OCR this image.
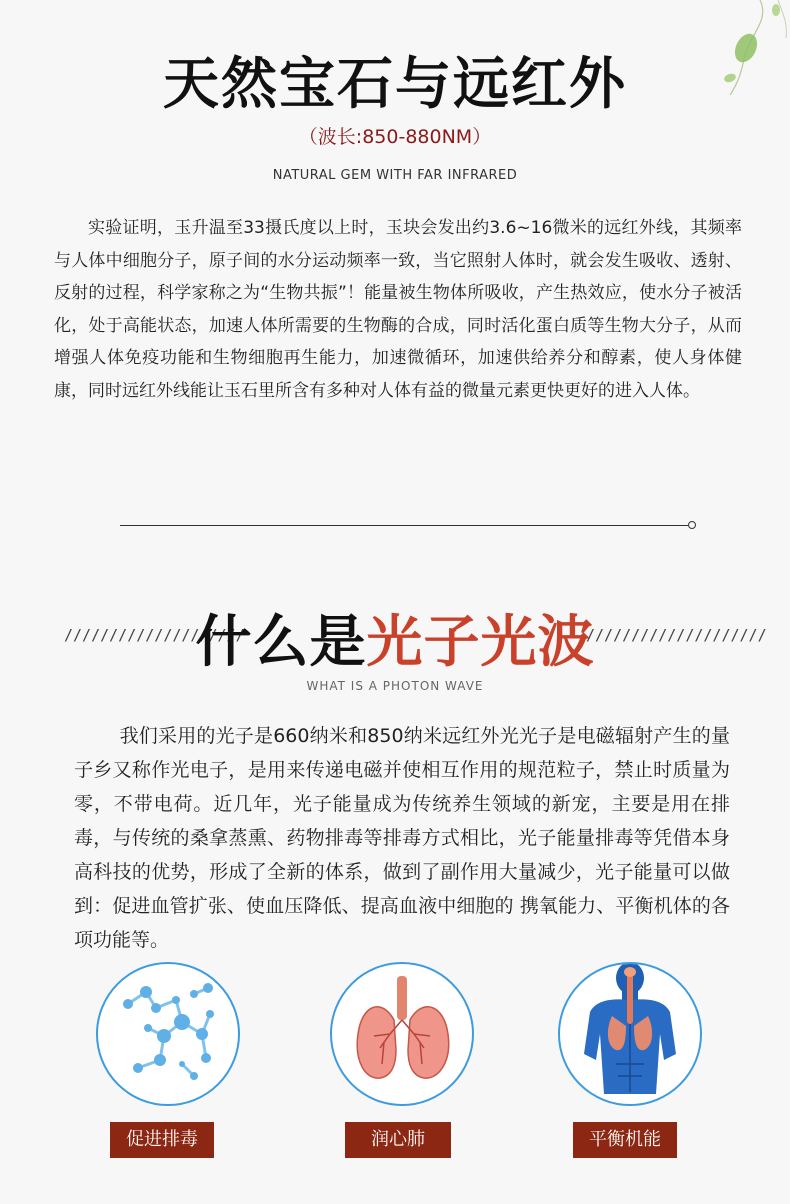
天然宝石与远红外
（波长:850-880NM）
NATURAL GEM WITH FAR INFRARED
实验证明，玉升温至33摄氏度以上时，玉块会发出约3.6~16微米的远红外线，其频率与人体中细胞分子，原子间的水分运动频率一致，当它照射人体时，就会发生吸收、透射、反射的过程，科学家称之为“生物共振”！能量被生物体所吸收，产生热效应，使水分子被活化，处于高能状态，加速人体所需要的生物酶的合成，同时活化蛋白质等生物大分子，从而增强人体免疫功能和生物细胞再生能力，加速微循环，加速供给养分和醇素，使人身体健康，同时远红外线能让玉石里所含有多种对人体有益的微量元素更快更好的进入人体。
////////////////////	////////////////////
什么是光子光波
WHAT IS A PHOTON WAVE
我们采用的光子是660纳米和850纳米远红外光光子是电磁辐射产生的量子乡又称作光电子，是用来传递电磁并使相互作用的规范粒子，禁止时质量为零，不带电荷。近几年，光子能量成为传统养生领域的新宠，主要是用在排毒，与传统的桑拿蒸熏、药物排毒等排毒方式相比，光子能量排毒等凭借本身高科技的优势，形成了全新的体系，做到了副作用大量减少，光子能量可以做到：促进血管扩张、使血压降低、提高血液中细胞的 携氧能力、平衡机体的各项功能等。
促进排毒	润心肺	平衡机能
